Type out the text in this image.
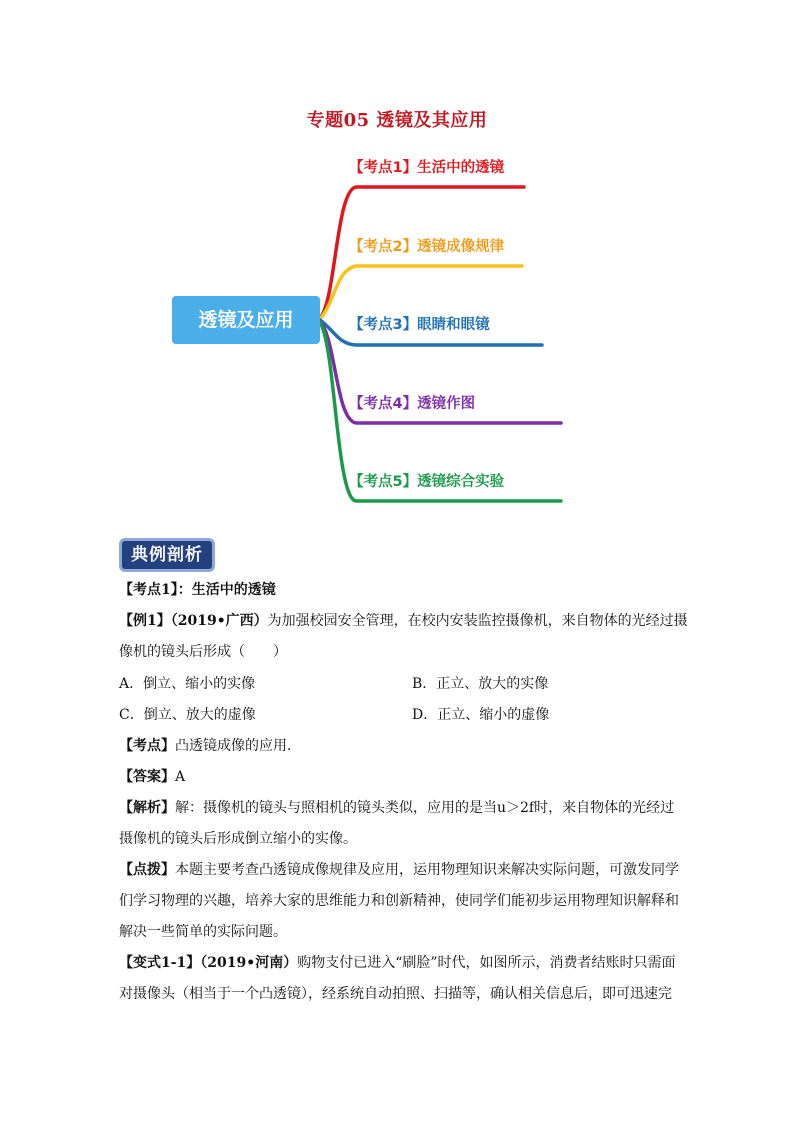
专题05 透镜及其应用
透镜及应用
【考点1】生活中的透镜
【考点2】透镜成像规律
【考点3】眼睛和眼镜
【考点4】透镜作图
【考点5】透镜综合实验
典例剖析
【考点1】：生活中的透镜
【例1】（2019•广西）为加强校园安全管理，在校内安装监控摄像机，来自物体的光经过摄
像机的镜头后形成（　　）
A．倒立、缩小的实像	B．正立、放大的实像
C．倒立、放大的虚像	D．正立、缩小的虚像
【考点】凸透镜成像的应用．
【答案】A
【解析】解：摄像机的镜头与照相机的镜头类似，应用的是当u＞2f时，来自物体的光经过
摄像机的镜头后形成倒立缩小的实像。
【点拨】本题主要考查凸透镜成像规律及应用，运用物理知识来解决实际问题，可激发同学
们学习物理的兴趣，培养大家的思维能力和创新精神，使同学们能初步运用物理知识解释和
解决一些简单的实际问题。
【变式1-1】（2019•河南）购物支付已进入“刷脸”时代，如图所示，消费者结账时只需面
对摄像头（相当于一个凸透镜），经系统自动拍照、扫描等，确认相关信息后，即可迅速完
